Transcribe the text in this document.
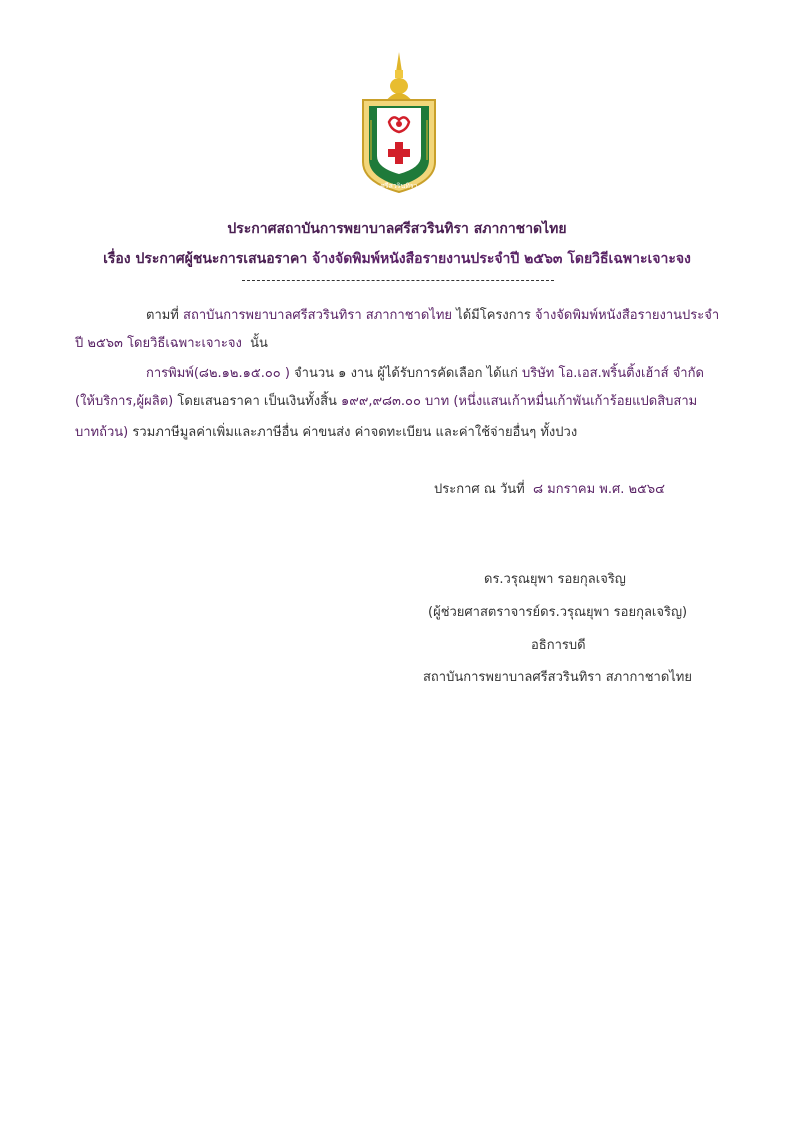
ศรีสวรินทิรา
ประกาศสถาบันการพยาบาลศรีสวรินทิรา สภากาชาดไทย
เรื่อง ประกาศผู้ชนะการเสนอราคา จ้างจัดพิมพ์หนังสือรายงานประจำปี ๒๕๖๓ โดยวิธีเฉพาะเจาะจง
ตามที่ สถาบันการพยาบาลศรีสวรินทิรา สภากาชาดไทย ได้มีโครงการ จ้างจัดพิมพ์หนังสือรายงานประจำ
ปี ๒๕๖๓ โดยวิธีเฉพาะเจาะจง นั้น
การพิมพ์(๘๒.๑๒.๑๕.๐๐ ) จำนวน ๑ งาน ผู้ได้รับการคัดเลือก ได้แก่ บริษัท โอ.เอส.พริ้นติ้งเฮ้าส์ จำกัด
(ให้บริการ,ผู้ผลิต) โดยเสนอราคา เป็นเงินทั้งสิ้น ๑๙๙,๙๘๓.๐๐ บาท (หนึ่งแสนเก้าหมื่นเก้าพันเก้าร้อยแปดสิบสาม
บาทถ้วน) รวมภาษีมูลค่าเพิ่มและภาษีอื่น ค่าขนส่ง ค่าจดทะเบียน และค่าใช้จ่ายอื่นๆ ทั้งปวง
ประกาศ ณ วันที่ ๘ มกราคม พ.ศ. ๒๕๖๔
ดร.วรุณยุพา รอยกุลเจริญ
(ผู้ช่วยศาสตราจารย์ดร.วรุณยุพา รอยกุลเจริญ)
อธิการบดี
สถาบันการพยาบาลศรีสวรินทิรา สภากาชาดไทย
